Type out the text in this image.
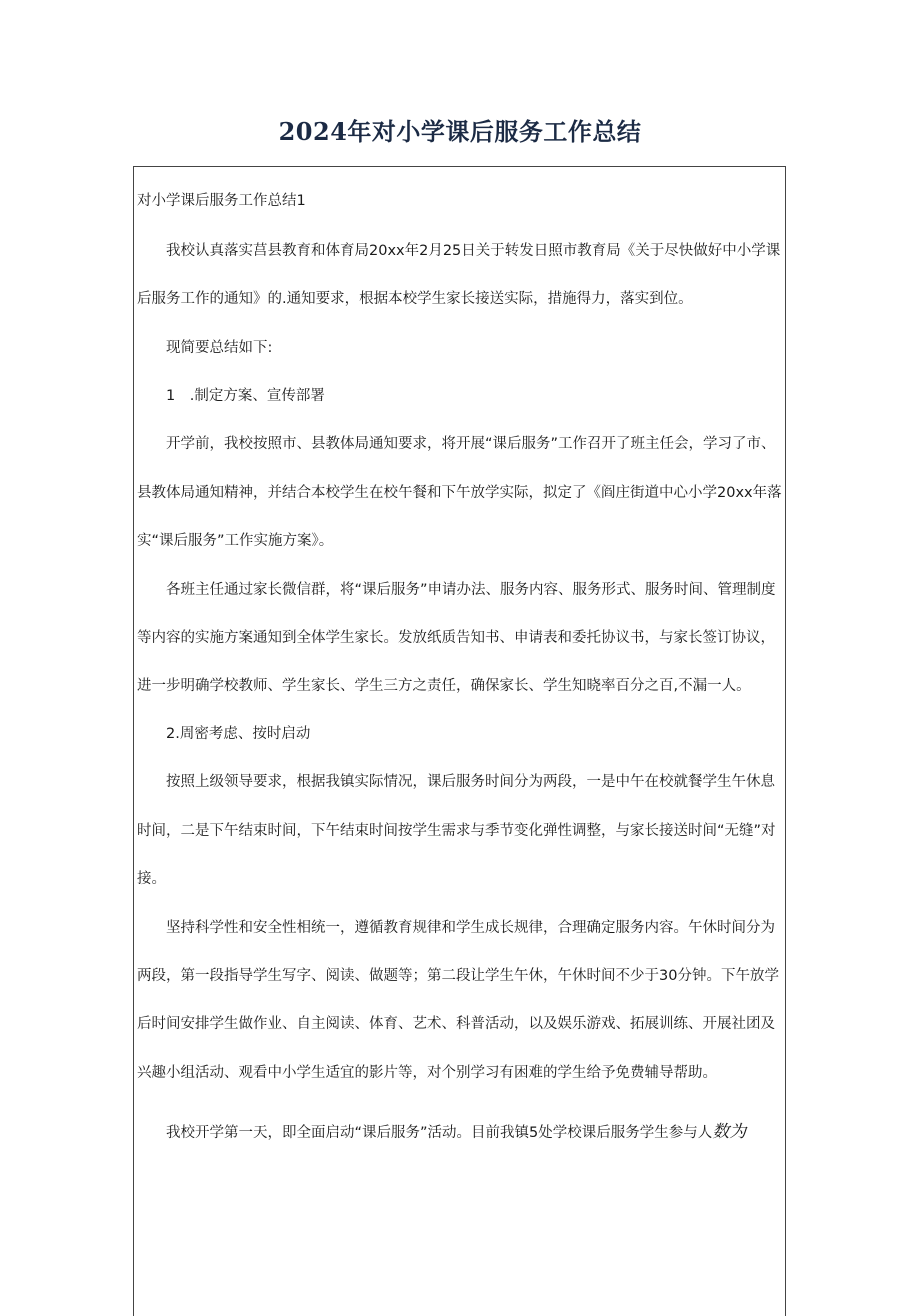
2024年对小学课后服务工作总结
对小学课后服务工作总结1
我校认真落实莒县教育和体育局20xx年2月25日关于转发日照市教育局《关于尽快做好中小学课
后服务工作的通知》的.通知要求，根据本校学生家长接送实际，措施得力，落实到位。
现简要总结如下:
1　.制定方案、宣传部署
开学前，我校按照市、县教体局通知要求，将开展“课后服务”工作召开了班主任会，学习了市、
县教体局通知精神，并结合本校学生在校午餐和下午放学实际，拟定了《阎庄街道中心小学20xx年落
实“课后服务”工作实施方案》。
各班主任通过家长微信群，将“课后服务”申请办法、服务内容、服务形式、服务时间、管理制度
等内容的实施方案通知到全体学生家长。发放纸质告知书、申请表和委托协议书，与家长签订协议，
进一步明确学校教师、学生家长、学生三方之责任，确保家长、学生知晓率百分之百,不漏一人。
2.周密考虑、按时启动
按照上级领导要求，根据我镇实际情况，课后服务时间分为两段，一是中午在校就餐学生午休息
时间，二是下午结束时间，下午结束时间按学生需求与季节变化弹性调整，与家长接送时间“无缝”对
接。
坚持科学性和安全性相统一，遵循教育规律和学生成长规律，合理确定服务内容。午休时间分为
两段，第一段指导学生写字、阅读、做题等；第二段让学生午休，午休时间不少于30分钟。下午放学
后时间安排学生做作业、自主阅读、体育、艺术、科普活动，以及娱乐游戏、拓展训练、开展社团及
兴趣小组活动、观看中小学生适宜的影片等，对个别学习有困难的学生给予免费辅导帮助。
我校开学第一天，即全面启动“课后服务”活动。目前我镇5处学校课后服务学生参与人数为
